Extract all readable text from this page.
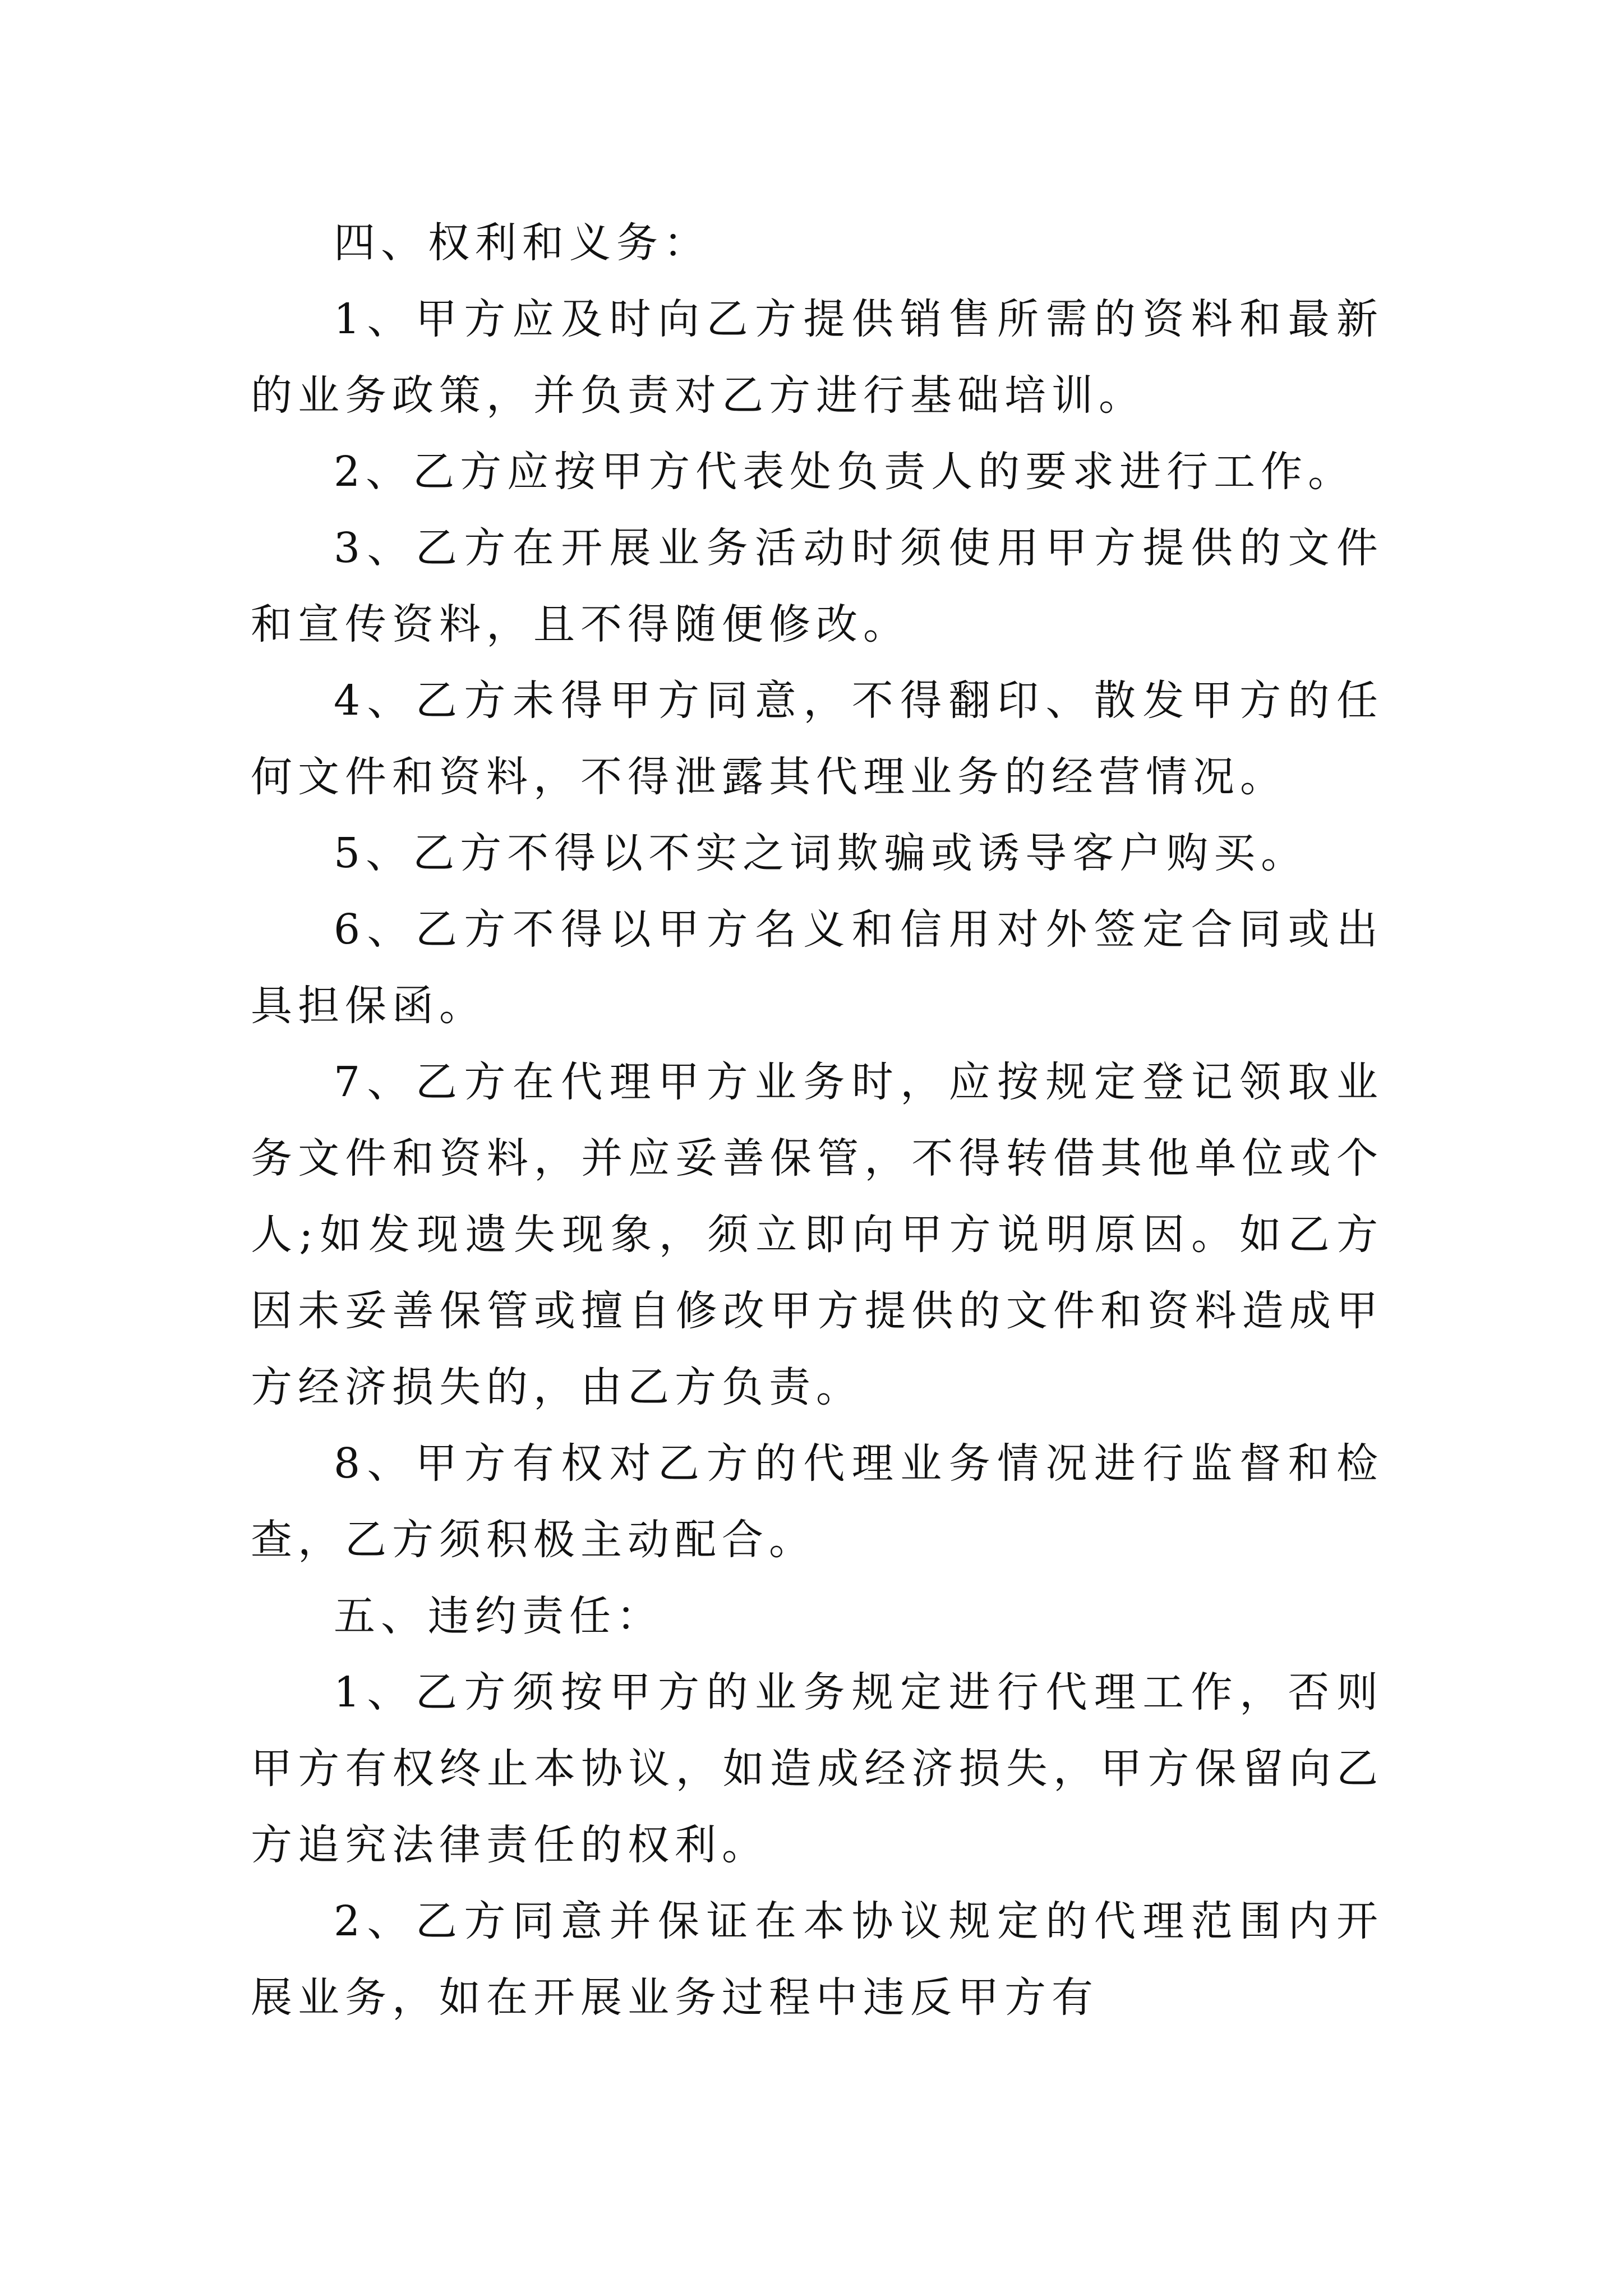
四、权利和义务：

1、甲方应及时向乙方提供销售所需的资料和最新的业务政策，并负责对乙方进行基础培训。

2、乙方应按甲方代表处负责人的要求进行工作。

3、乙方在开展业务活动时须使用甲方提供的文件和宣传资料，且不得随便修改。

4、乙方未得甲方同意，不得翻印、散发甲方的任何文件和资料，不得泄露其代理业务的经营情况。

5、乙方不得以不实之词欺骗或诱导客户购买。

6、乙方不得以甲方名义和信用对外签定合同或出具担保函。

7、乙方在代理甲方业务时，应按规定登记领取业务文件和资料，并应妥善保管，不得转借其他单位或个人;如发现遗失现象，须立即向甲方说明原因。如乙方因未妥善保管或擅自修改甲方提供的文件和资料造成甲方经济损失的，由乙方负责。

8、甲方有权对乙方的代理业务情况进行监督和检查，乙方须积极主动配合。

五、违约责任：

1、乙方须按甲方的业务规定进行代理工作，否则甲方有权终止本协议，如造成经济损失，甲方保留向乙方追究法律责任的权利。

2、乙方同意并保证在本协议规定的代理范围内开展业务，如在开展业务过程中违反甲方有
